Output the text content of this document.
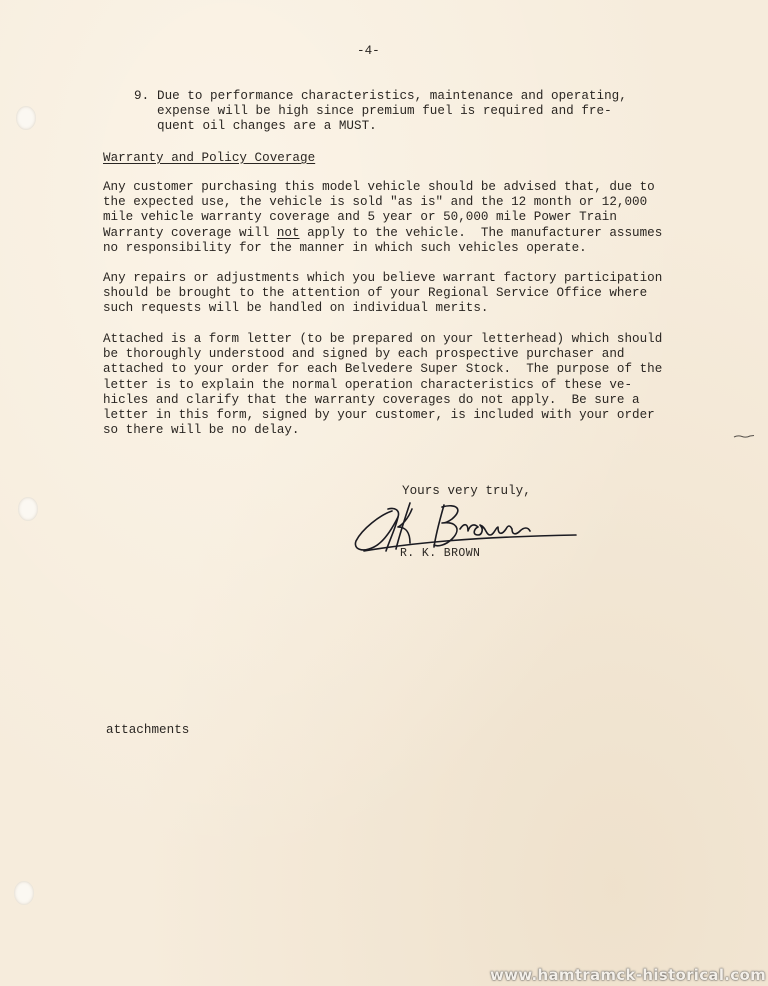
-4-
9. Due to performance characteristics, maintenance and operating,
expense will be high since premium fuel is required and fre-
quent oil changes are a MUST.
Warranty and Policy Coverage
Any customer purchasing this model vehicle should be advised that, due to
the expected use, the vehicle is sold "as is" and the 12 month or 12,000
mile vehicle warranty coverage and 5 year or 50,000 mile Power Train
Warranty coverage will not apply to the vehicle.  The manufacturer assumes
no responsibility for the manner in which such vehicles operate.
Any repairs or adjustments which you believe warrant factory participation
should be brought to the attention of your Regional Service Office where
such requests will be handled on individual merits.
Attached is a form letter (to be prepared on your letterhead) which should
be thoroughly understood and signed by each prospective purchaser and
attached to your order for each Belvedere Super Stock.  The purpose of the
letter is to explain the normal operation characteristics of these ve-
hicles and clarify that the warranty coverages do not apply.  Be sure a
letter in this form, signed by your customer, is included with your order
so there will be no delay.
Yours very truly,
R. K. BROWN
attachments
www.hamtramck-historical.com
